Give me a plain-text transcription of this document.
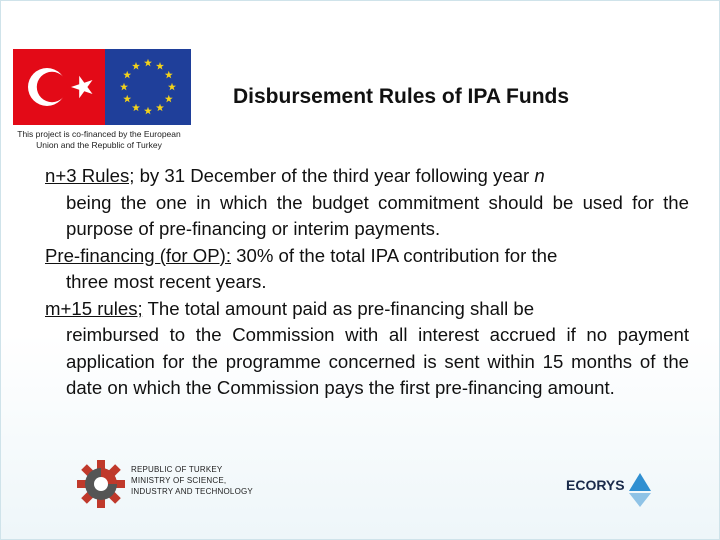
This project is co-financed by the European Union and the Republic of Turkey
Disbursement Rules of IPA Funds
n+3 Rules; by 31 December of the third year following year n
being the one in which the budget commitment should be used for the purpose of pre-financing or interim payments.
Pre-financing (for OP): 30% of the total IPA contribution for the
three most recent years.
m+15 rules; The total amount paid as pre-financing shall be
reimbursed to the Commission with all interest accrued if no payment application for the programme concerned is sent within 15 months of the date on which the Commission pays the first pre-financing amount.
REPUBLIC OF TURKEY
MINISTRY OF SCIENCE,
INDUSTRY AND TECHNOLOGY	ECORYS
